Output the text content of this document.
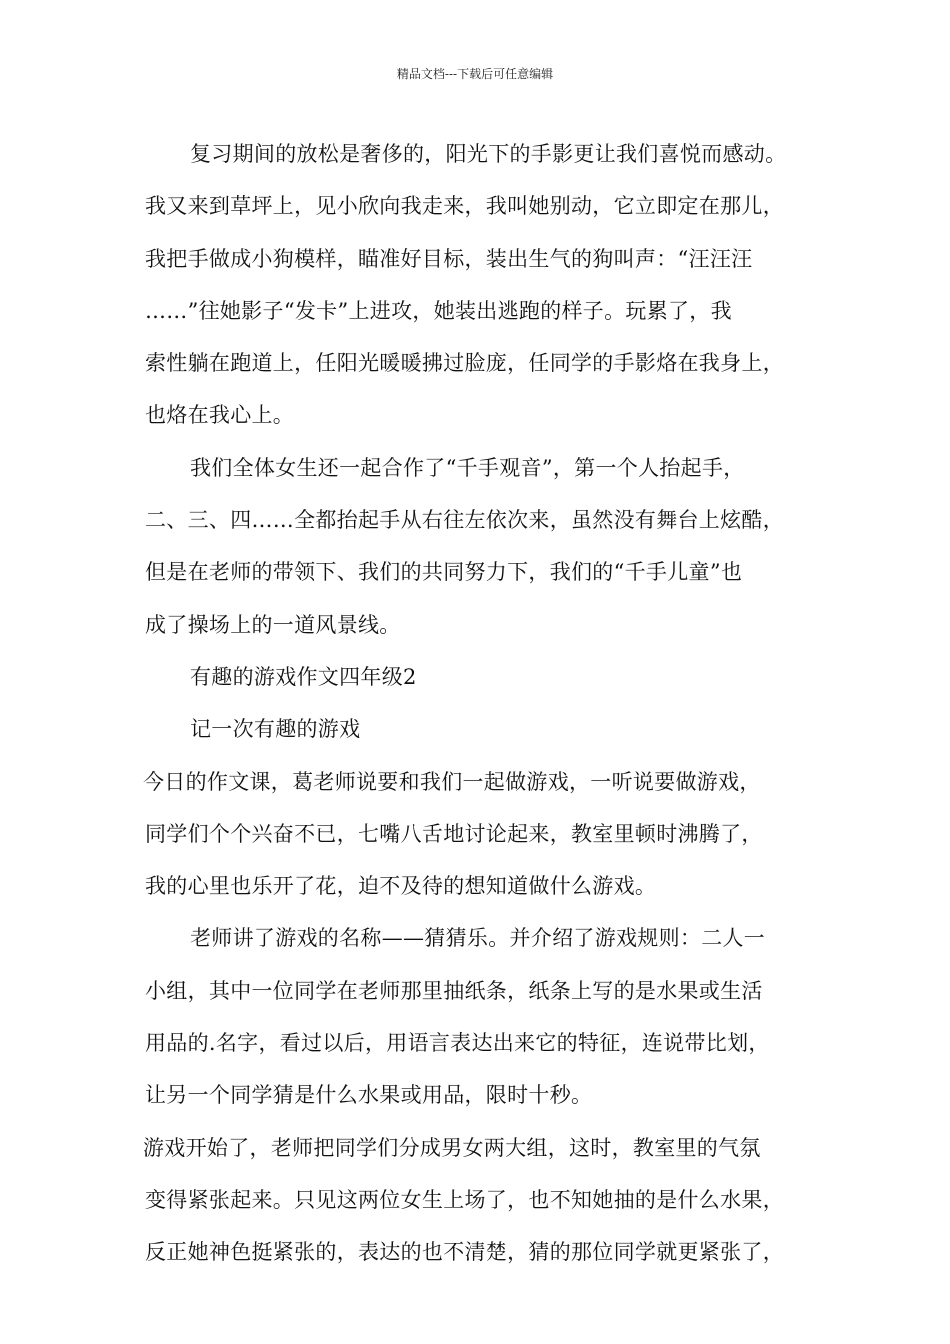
精品文档---下载后可任意编辑
复习期间的放松是奢侈的，阳光下的手影更让我们喜悦而感动。
我又来到草坪上，见小欣向我走来，我叫她别动，它立即定在那儿，
我把手做成小狗模样，瞄准好目标，装出生气的狗叫声：“汪汪汪
……”往她影子“发卡”上进攻，她装出逃跑的样子。玩累了，我
索性躺在跑道上，任阳光暖暖拂过脸庞，任同学的手影烙在我身上，
也烙在我心上。
我们全体女生还一起合作了“千手观音”，第一个人抬起手，
二、三、四……全都抬起手从右往左依次来，虽然没有舞台上炫酷，
但是在老师的带领下、我们的共同努力下，我们的“千手儿童”也
成了操场上的一道风景线。
有趣的游戏作文四年级2
记一次有趣的游戏
今日的作文课，葛老师说要和我们一起做游戏，一听说要做游戏，
同学们个个兴奋不已，七嘴八舌地讨论起来，教室里顿时沸腾了，
我的心里也乐开了花，迫不及待的想知道做什么游戏。
老师讲了游戏的名称——猜猜乐。并介绍了游戏规则：二人一
小组，其中一位同学在老师那里抽纸条，纸条上写的是水果或生活
用品的.名字，看过以后，用语言表达出来它的特征，连说带比划，
让另一个同学猜是什么水果或用品，限时十秒。
游戏开始了，老师把同学们分成男女两大组，这时，教室里的气氛
变得紧张起来。只见这两位女生上场了，也不知她抽的是什么水果，
反正她神色挺紧张的，表达的也不清楚，猜的那位同学就更紧张了，
